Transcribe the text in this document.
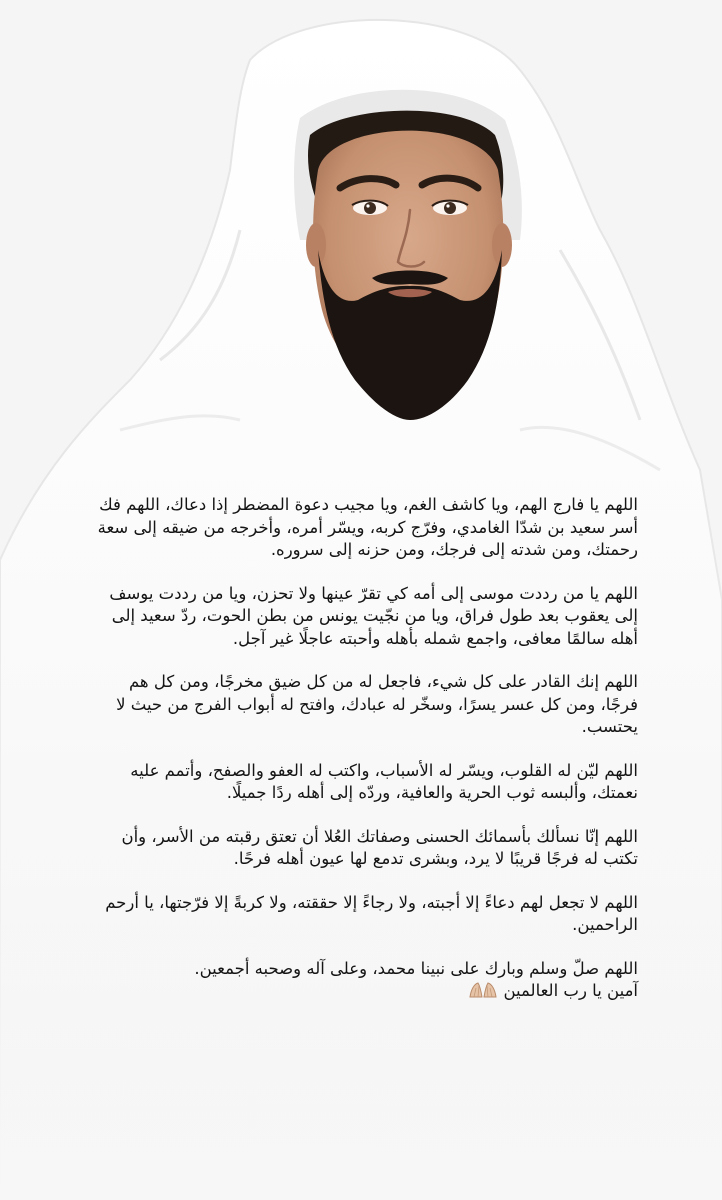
اللهم يا فارج الهم، ويا كاشف الغم، ويا مجيب دعوة المضطر إذا دعاك، اللهم فك أسر سعيد بن شدّا الغامدي، وفرّج كربه، ويسّر أمره، وأخرجه من ضيقه إلى سعة رحمتك، ومن شدته إلى فرجك، ومن حزنه إلى سروره.

اللهم يا من رددت موسى إلى أمه كي تقرّ عينها ولا تحزن، ويا من رددت يوسف إلى يعقوب بعد طول فراق، ويا من نجّيت يونس من بطن الحوت، ردّ سعيد إلى أهله سالمًا معافى، واجمع شمله بأهله وأحبته عاجلًا غير آجل.

اللهم إنك القادر على كل شيء، فاجعل له من كل ضيق مخرجًا، ومن كل هم فرجًا، ومن كل عسر يسرًا، وسخّر له عبادك، وافتح له أبواب الفرج من حيث لا يحتسب.

اللهم ليّن له القلوب، ويسّر له الأسباب، واكتب له العفو والصفح، وأتمم عليه نعمتك، وألبسه ثوب الحرية والعافية، وردّه إلى أهله ردًا جميلًا.

اللهم إنّا نسألك بأسمائك الحسنى وصفاتك العُلا أن تعتق رقبته من الأسر، وأن تكتب له فرجًا قريبًا لا يرد، وبشرى تدمع لها عيون أهله فرحًا.

اللهم لا تجعل لهم دعاءً إلا أجبته، ولا رجاءً إلا حققته، ولا كربةً إلا فرّجتها، يا أرحم الراحمين.

اللهم صلّ وسلم وبارك على نبينا محمد، وعلى آله وصحبه أجمعين.
آمين يا رب العالمين
